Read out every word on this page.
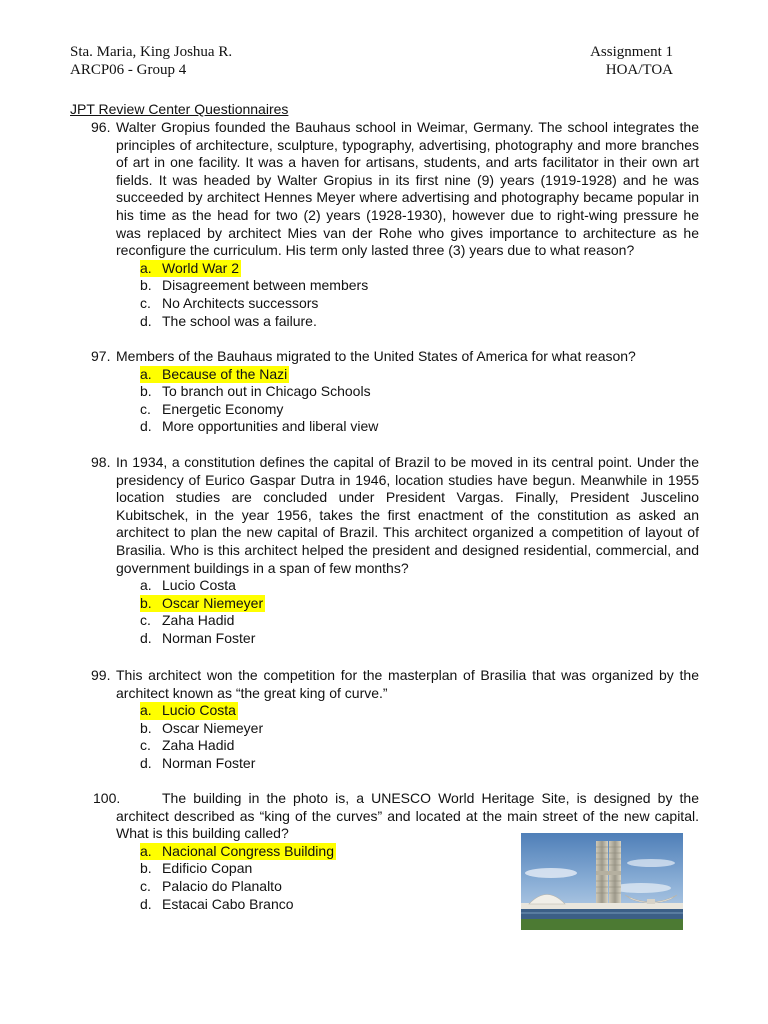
Sta. Maria, King Joshua R.
ARCP06 - Group 4
Assignment 1
HOA/TOA
JPT Review Center Questionnaires
96. Walter Gropius founded the Bauhaus school in Weimar, Germany. The school integrates the principles of architecture, sculpture, typography, advertising, photography and more branches of art in one facility. It was a haven for artisans, students, and arts facilitator in their own art fields. It was headed by Walter Gropius in its first nine (9) years (1919-1928) and he was succeeded by architect Hennes Meyer where advertising and photography became popular in his time as the head for two (2) years (1928-1930), however due to right-wing pressure he was replaced by architect Mies van der Rohe who gives importance to architecture as he reconfigure the curriculum. His term only lasted three (3) years due to what reason?
a. World War 2
b. Disagreement between members
c. No Architects successors
d. The school was a failure.
97. Members of the Bauhaus migrated to the United States of America for what reason?
a. Because of the Nazi
b. To branch out in Chicago Schools
c. Energetic Economy
d. More opportunities and liberal view
98. In 1934, a constitution defines the capital of Brazil to be moved in its central point. Under the presidency of Eurico Gaspar Dutra in 1946, location studies have begun. Meanwhile in 1955 location studies are concluded under President Vargas. Finally, President Juscelino Kubitschek, in the year 1956, takes the first enactment of the constitution as asked an architect to plan the new capital of Brazil. This architect organized a competition of layout of Brasilia. Who is this architect helped the president and designed residential, commercial, and government buildings in a span of few months?
a. Lucio Costa
b. Oscar Niemeyer
c. Zaha Hadid
d. Norman Foster
99. This architect won the competition for the masterplan of Brasilia that was organized by the architect known as “the great king of curve.”
a. Lucio Costa
b. Oscar Niemeyer
c. Zaha Hadid
d. Norman Foster
100.	The building in the photo is, a UNESCO World Heritage Site, is designed by the architect described as “king of the curves” and located at the main street of the new capital. What is this building called?
a. Nacional Congress Building
b. Edificio Copan
c. Palacio do Planalto
d. Estacai Cabo Branco
